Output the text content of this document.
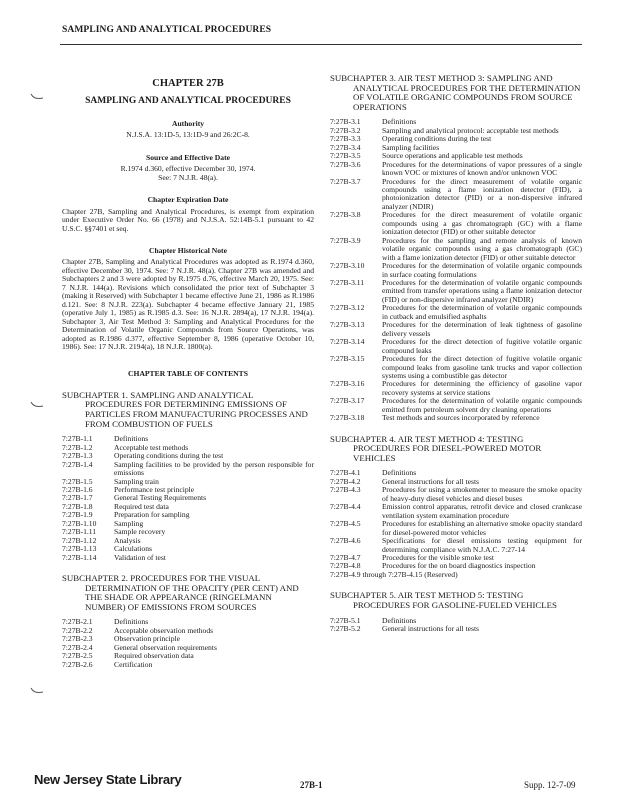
SAMPLING AND ANALYTICAL PROCEDURES
CHAPTER 27B
SAMPLING AND ANALYTICAL PROCEDURES
Authority
N.J.S.A. 13:1D-5, 13:1D-9 and 26:2C-8.
Source and Effective Date
R.1974 d.360, effective December 30, 1974.
See: 7 N.J.R. 48(a).
Chapter Expiration Date
Chapter 27B, Sampling and Analytical Procedures, is exempt from expiration under Executive Order No. 66 (1978) and N.J.S.A. 52:14B-5.1 pursuant to 42 U.S.C. §§7401 et seq.
Chapter Historical Note
Chapter 27B, Sampling and Analytical Procedures was adopted as R.1974 d.360, effective December 30, 1974. See: 7 N.J.R. 48(a). Chapter 27B was amended and Subchapters 2 and 3 were adopted by R.1975 d.76, effective March 20, 1975. See: 7 N.J.R. 144(a). Revisions which consolidated the prior text of Subchapter 3 (making it Reserved) with Subchapter 1 became effective June 21, 1986 as R.1986 d.121. See: 8 N.J.R. 223(a). Subchapter 4 became effective January 21, 1985 (operative July 1, 1985) as R.1985 d.3. See: 16 N.J.R. 2894(a), 17 N.J.R. 194(a). Subchapter 3, Air Test Method 3: Sampling and Analytical Procedures for the Determination of Volatile Organic Compounds from Source Operations, was adopted as R.1986 d.377, effective September 8, 1986 (operative October 10, 1986). See: 17 N.J.R. 2194(a), 18 N.J.R. 1800(a).
CHAPTER TABLE OF CONTENTS
SUBCHAPTER 1. SAMPLING AND ANALYTICAL
PROCEDURES FOR DETERMINING EMISSIONS OF PARTICLES FROM MANUFACTURING PROCESSES AND FROM COMBUSTION OF FUELS
7:27B-1.1	Definitions
7:27B-1.2	Acceptable test methods
7:27B-1.3	Operating conditions during the test
7:27B-1.4	Sampling facilities to be provided by the person responsible for emissions
7:27B-1.5	Sampling train
7:27B-1.6	Performance test principle
7:27B-1.7	General Testing Requirements
7:27B-1.8	Required test data
7:27B-1.9	Preparation for sampling
7:27B-1.10	Sampling
7:27B-1.11	Sample recovery
7:27B-1.12	Analysis
7:27B-1.13	Calculations
7:27B-1.14	Validation of test
SUBCHAPTER 2. PROCEDURES FOR THE VISUAL
DETERMINATION OF THE OPACITY (PER CENT) AND THE SHADE OR APPEARANCE (RINGELMANN NUMBER) OF EMISSIONS FROM SOURCES
7:27B-2.1	Definitions
7:27B-2.2	Acceptable observation methods
7:27B-2.3	Observation principle
7:27B-2.4	General observation requirements
7:27B-2.5	Required observation data
7:27B-2.6	Certification
SUBCHAPTER 3. AIR TEST METHOD 3: SAMPLING AND
ANALYTICAL PROCEDURES FOR THE DETERMINATION OF VOLATILE ORGANIC COMPOUNDS FROM SOURCE OPERATIONS
7:27B-3.1	Definitions
7:27B-3.2	Sampling and analytical protocol: acceptable test methods
7:27B-3.3	Operating conditions during the test
7:27B-3.4	Sampling facilities
7:27B-3.5	Source operations and applicable test methods
7:27B-3.6	Procedures for the determinations of vapor pressures of a single known VOC or mixtures of known and/or unknown VOC
7:27B-3.7	Procedures for the direct measurement of volatile organic compounds using a flame ionization detector (FID), a photoionization detector (PID) or a non-dispersive infrared analyzer (NDIR)
7:27B-3.8	Procedures for the direct measurement of volatile organic compounds using a gas chromatograph (GC) with a flame ionization detector (FID) or other suitable detector
7:27B-3.9	Procedures for the sampling and remote analysis of known volatile organic compounds using a gas chromatograph (GC) with a flame ionization detector (FID) or other suitable detector
7:27B-3.10	Procedures for the determination of volatile organic compounds in surface coating formulations
7:27B-3.11	Procedures for the determination of volatile organic compounds emitted from transfer operations using a flame ionization detector (FID) or non-dispersive infrared analyzer (NDIR)
7:27B-3.12	Procedures for the determination of volatile organic compounds in cutback and emulsified asphalts
7:27B-3.13	Procedures for the determination of leak tightness of gasoline delivery vessels
7:27B-3.14	Procedures for the direct detection of fugitive volatile organic compound leaks
7:27B-3.15	Procedures for the direct detection of fugitive volatile organic compound leaks from gasoline tank trucks and vapor collection systems using a combustible gas detector
7:27B-3.16	Procedures for determining the efficiency of gasoline vapor recovery systems at service stations
7:27B-3.17	Procedures for the determination of volatile organic compounds emitted from petroleum solvent dry cleaning operations
7:27B-3.18	Test methods and sources incorporated by reference
SUBCHAPTER 4. AIR TEST METHOD 4: TESTING
PROCEDURES FOR DIESEL-POWERED MOTOR VEHICLES
7:27B-4.1	Definitions
7:27B-4.2	General instructions for all tests
7:27B-4.3	Procedures for using a smokemeter to measure the smoke opacity of heavy-duty diesel vehicles and diesel buses
7:27B-4.4	Emission control apparatus, retrofit device and closed crankcase ventilation system examination procedure
7:27B-4.5	Procedures for establishing an alternative smoke opacity standard for diesel-powered motor vehicles
7:27B-4.6	Specifications for diesel emissions testing equipment for determining compliance with N.J.A.C. 7:27-14
7:27B-4.7	Procedures for the visible smoke test
7:27B-4.8	Procedures for the on board diagnostics inspection
7:27B-4.9 through 7:27B-4.15 (Reserved)
SUBCHAPTER 5. AIR TEST METHOD 5: TESTING
PROCEDURES FOR GASOLINE-FUELED VEHICLES
7:27B-5.1	Definitions
7:27B-5.2	General instructions for all tests
New Jersey State Library	27B-1	Supp. 12-7-09
